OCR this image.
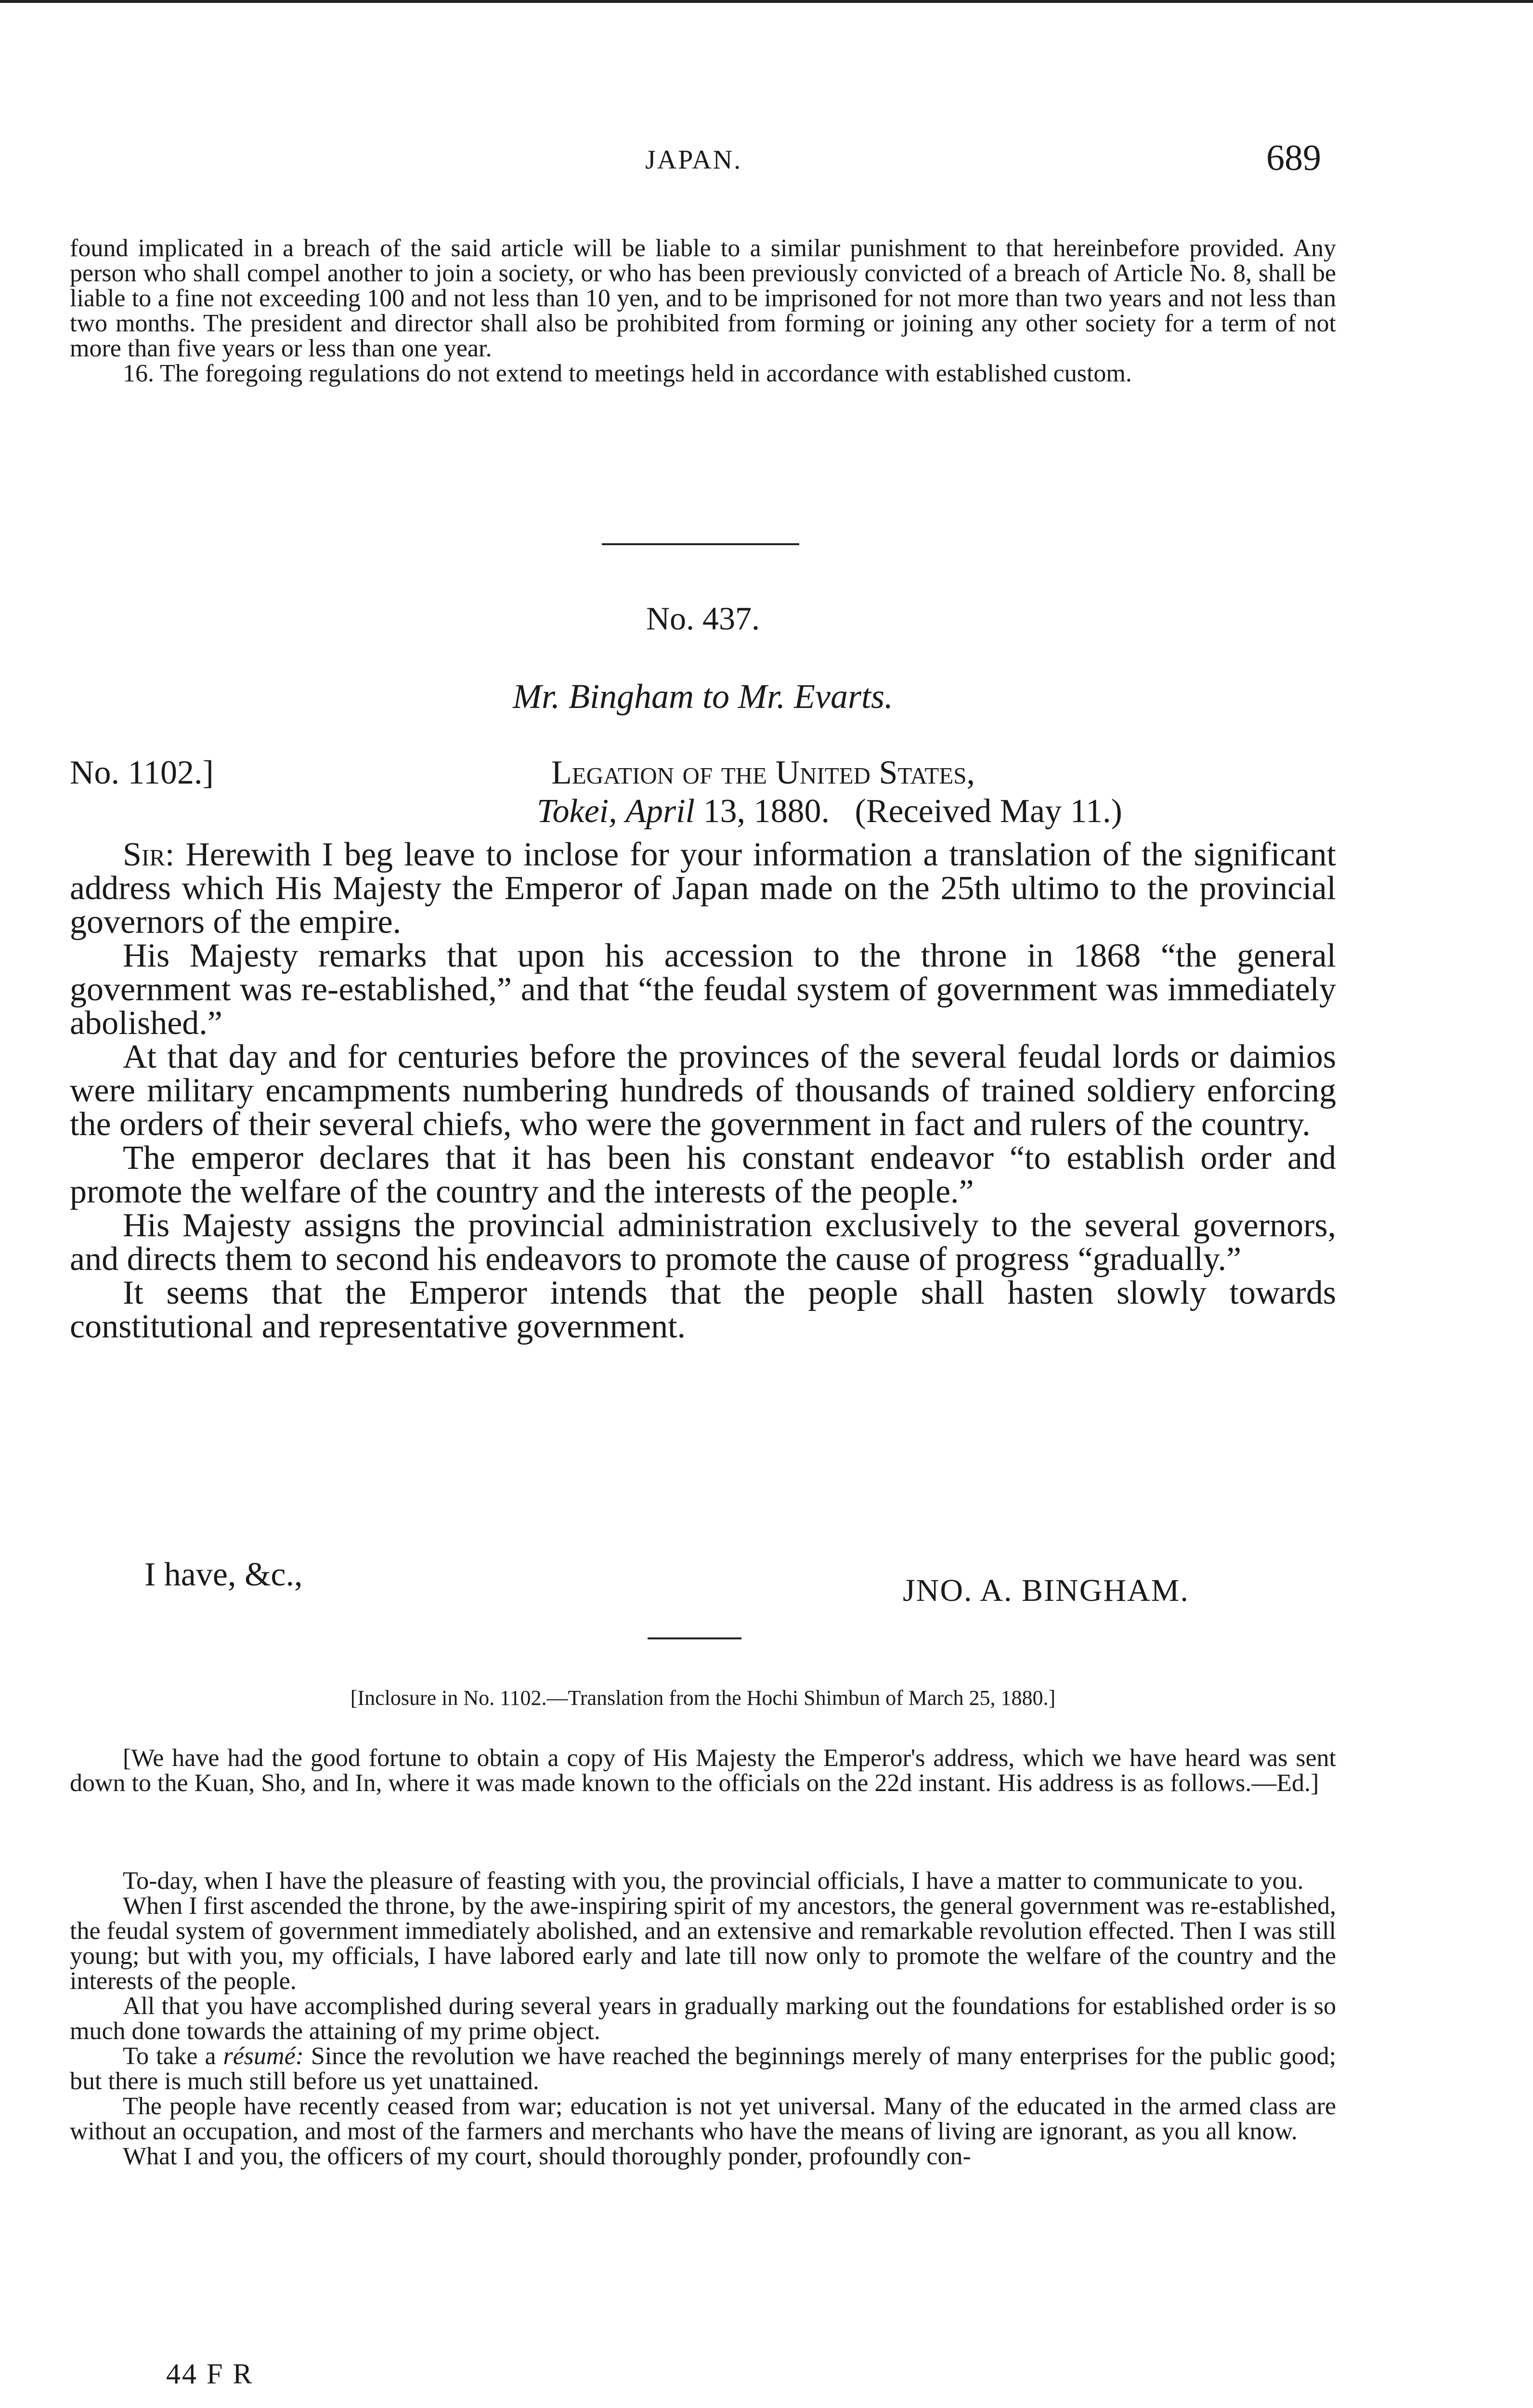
JAPAN.	689

found implicated in a breach of the said article will be liable to a similar punishment to that hereinbefore provided. Any person who shall compel another to join a society, or who has been previously convicted of a breach of Article No. 8, shall be liable to a fine not exceeding 100 and not less than 10 yen, and to be imprisoned for not more than two years and not less than two months. The president and director shall also be prohibited from forming or joining any other society for a term of not more than five years or less than one year.

16. The foregoing regulations do not extend to meetings held in accordance with established custom.

No. 437.
Mr. Bingham to Mr. Evarts.
No. 1102.]	Legation of the United States,
Tokei, April 13, 1880. (Received May 11.)

Sir: Herewith I beg leave to inclose for your information a translation of the significant address which His Majesty the Emperor of Japan made on the 25th ultimo to the provincial governors of the empire.

His Majesty remarks that upon his accession to the throne in 1868 “the general government was re-established,” and that “the feudal system of government was immediately abolished.”

At that day and for centuries before the provinces of the several feudal lords or daimios were military encampments numbering hundreds of thousands of trained soldiery enforcing the orders of their several chiefs, who were the government in fact and rulers of the country.

The emperor declares that it has been his constant endeavor “to establish order and promote the welfare of the country and the interests of the people.”

His Majesty assigns the provincial administration exclusively to the several governors, and directs them to second his endeavors to promote the cause of progress “gradually.”

It seems that the Emperor intends that the people shall hasten slowly towards constitutional and representative government.

I have, &c.,	JNO. A. BINGHAM.
[Inclosure in No. 1102.—Translation from the Hochi Shimbun of March 25, 1880.]

[We have had the good fortune to obtain a copy of His Majesty the Emperor's address, which we have heard was sent down to the Kuan, Sho, and In, where it was made known to the officials on the 22d instant. His address is as follows.—Ed.]

To-day, when I have the pleasure of feasting with you, the provincial officials, I have a matter to communicate to you.

When I first ascended the throne, by the awe-inspiring spirit of my ancestors, the general government was re-established, the feudal system of government immediately abolished, and an extensive and remarkable revolution effected. Then I was still young; but with you, my officials, I have labored early and late till now only to promote the welfare of the country and the interests of the people.

All that you have accomplished during several years in gradually marking out the foundations for established order is so much done towards the attaining of my prime object.

To take a résumé: Since the revolution we have reached the beginnings merely of many enterprises for the public good; but there is much still before us yet unattained.

The people have recently ceased from war; education is not yet universal. Many of the educated in the armed class are without an occupation, and most of the farmers and merchants who have the means of living are ignorant, as you all know.

What I and you, the officers of my court, should thoroughly ponder, profoundly con-

44 F R
